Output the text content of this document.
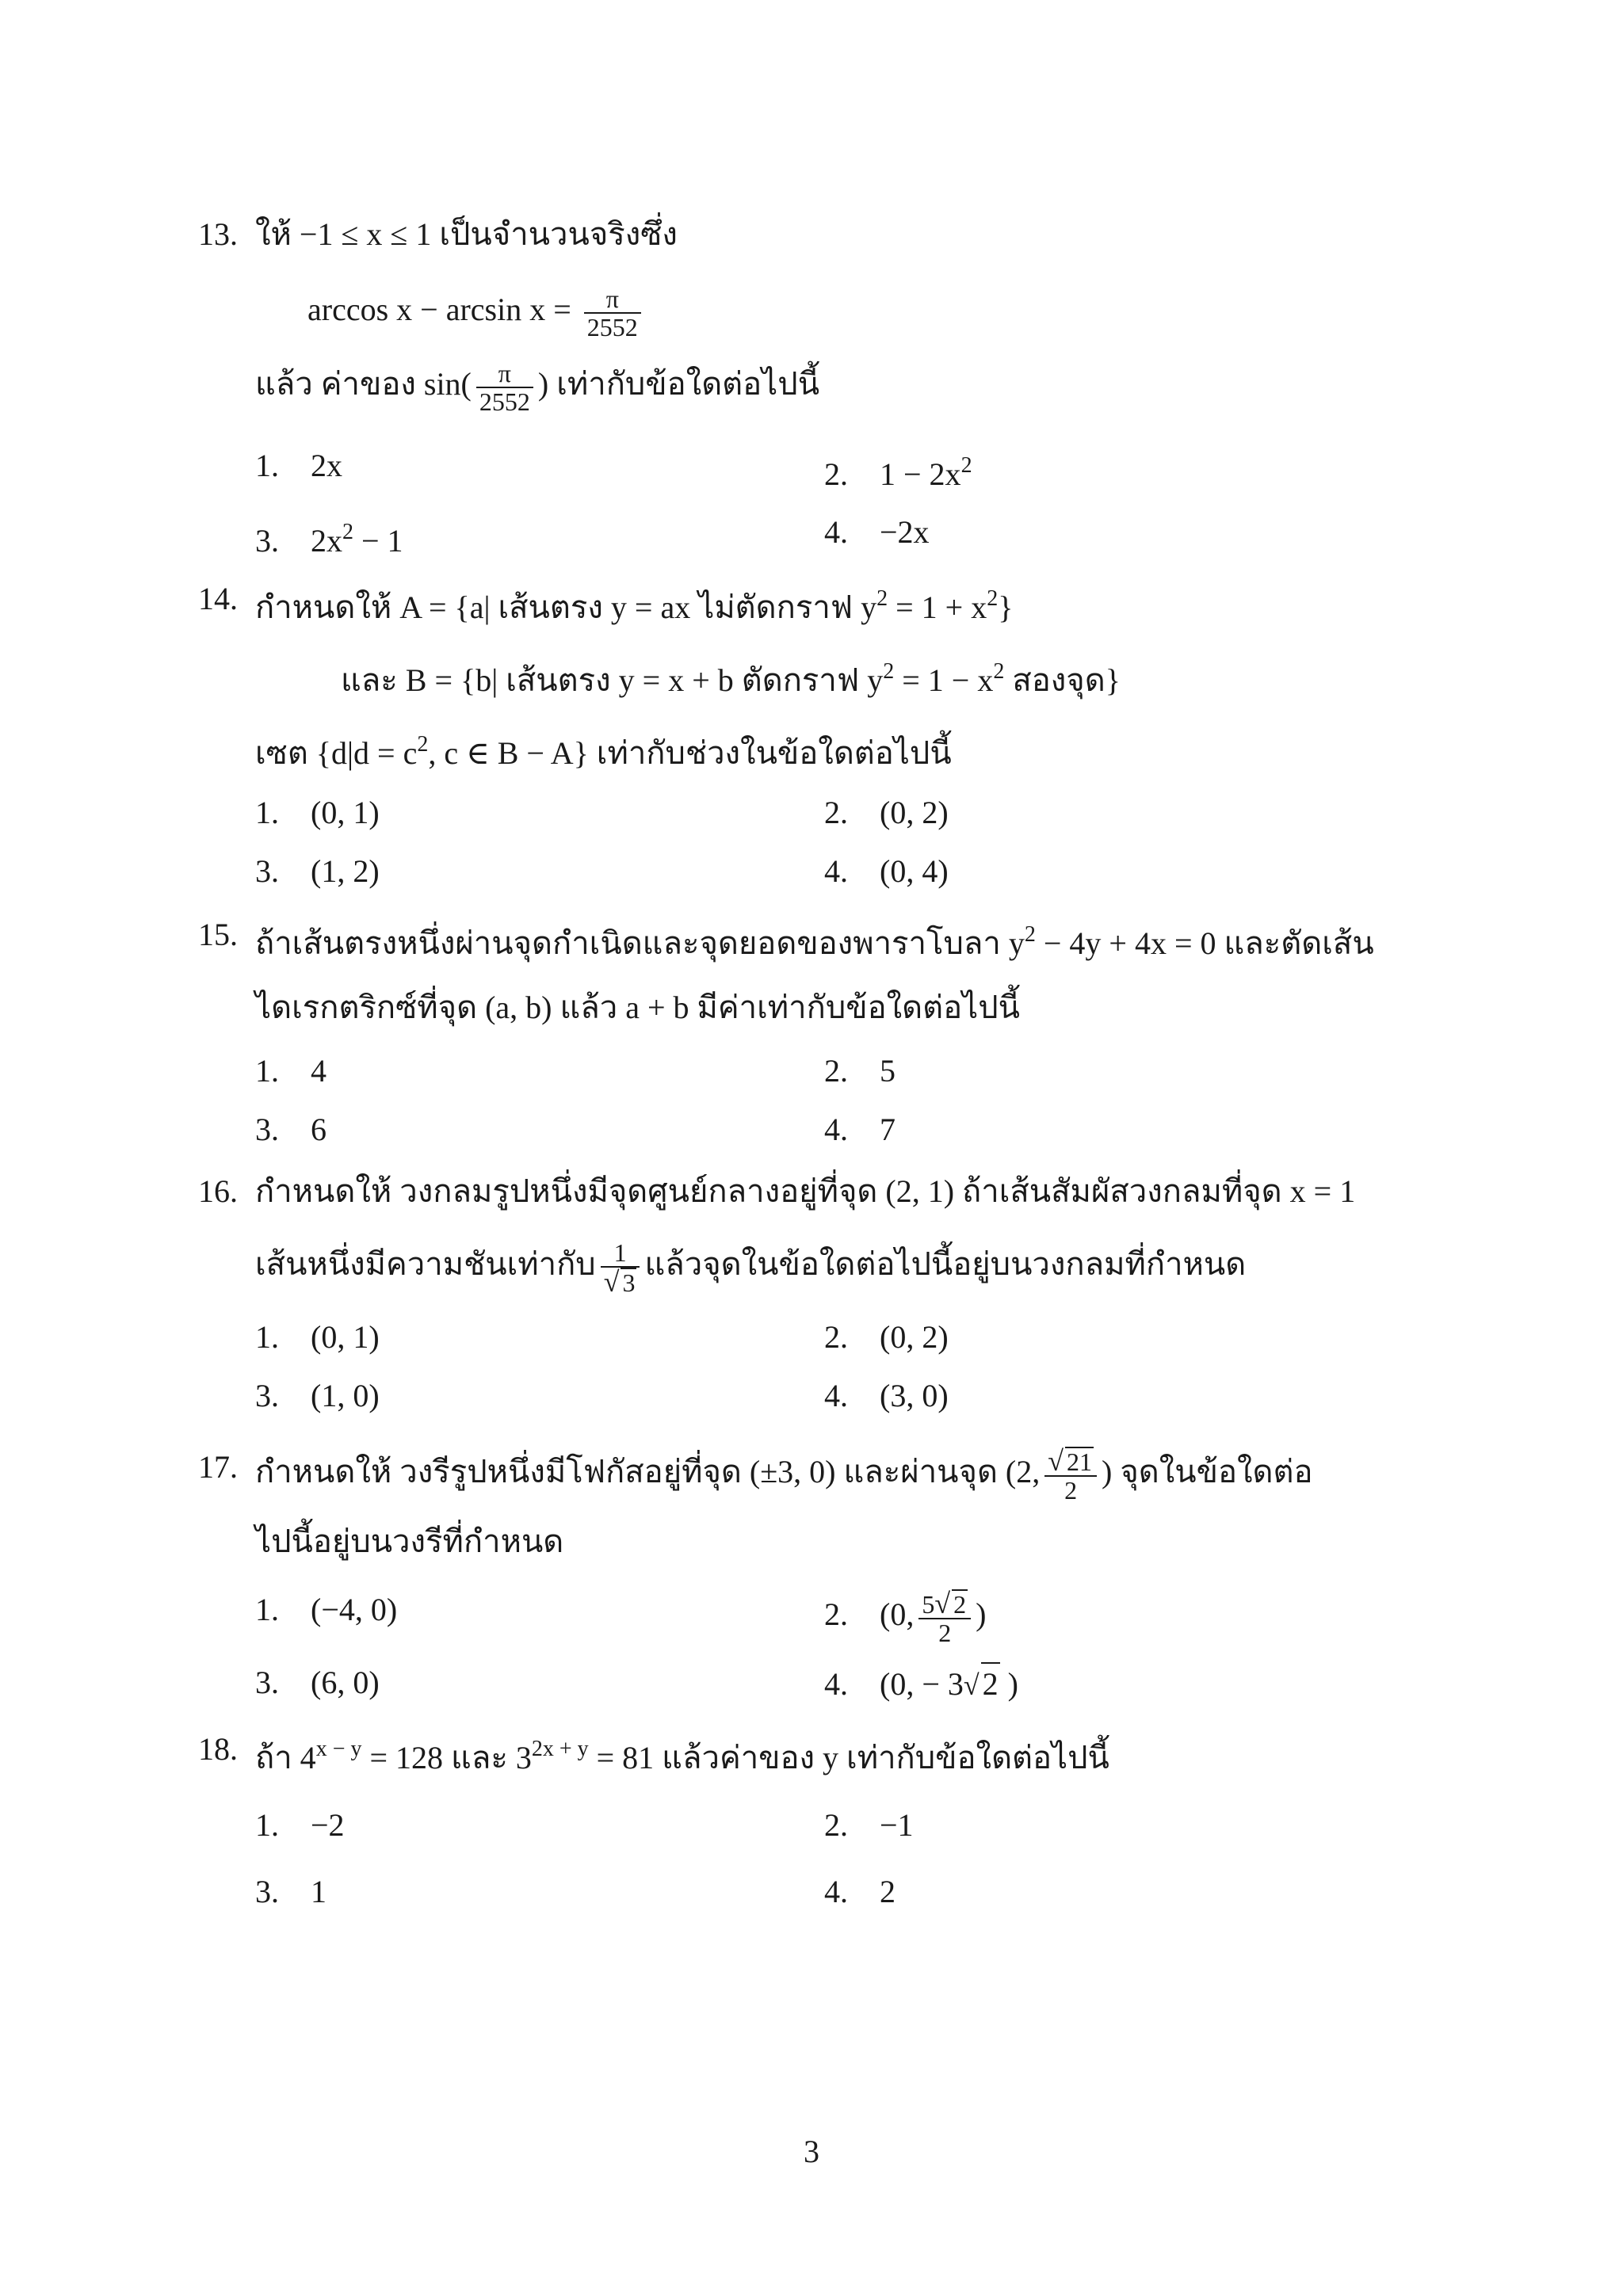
13. ให้ −1 ≤ x ≤ 1 เป็นจำนวนจริงซึ่ง
$\arccos x - \arcsin x = \frac{\pi}{2552}$
แล้ว ค่าของ $\sin( \frac{\pi}{2552}$ ) เท่ากับข้อใดต่อไปนี้
1. 2x	2. $1 - 2x^2$
3. $2x^2 - 1$	4. −2x
14. กำหนดให้ A = {a| เส้นตรง y = ax ไม่ตัดกราฟ $y^2 = 1 + x^2$}
และ B = {b| เส้นตรง y = x + b ตัดกราฟ $y^2 = 1 - x^2$ สองจุด}
เซต {$d|d = c^2$, c ∈ B − A} เท่ากับช่วงในข้อใดต่อไปนี้
1. (0, 1)	2. (0, 2)
3. (1, 2)	4. (0, 4)
15. ถ้าเส้นตรงหนึ่งผ่านจุดกำเนิดและจุดยอดของพาราโบลา $y^2 - 4y + 4x = 0$ และตัดเส้น
ไดเรกตริกซ์ที่จุด (a, b) แล้ว a + b มีค่าเท่ากับข้อใดต่อไปนี้
1. 4	2. 5
3. 6	4. 7
16. กำหนดให้ วงกลมรูปหนึ่งมีจุดศูนย์กลางอยู่ที่จุด (2, 1) ถ้าเส้นสัมผัสวงกลมที่จุด x = 1
เส้นหนึ่งมีความชันเท่ากับ $\frac{1}{√ 3}$ แล้วจุดในข้อใดต่อไปนี้อยู่บนวงกลมที่กำหนด
1. (0, 1)	2. (0, 2)
3. (1, 0)	4. (3, 0)
17. กำหนดให้ วงรีรูปหนึ่งมีโฟกัสอยู่ที่จุด (±3, 0) และผ่านจุด (2, $\frac{√ 21}{2}$ ) จุดในข้อใดต่อ
ไปนี้อยู่บนวงรีที่กำหนด
1. (−4, 0)	2. (0, $\frac{5√ 2}{2}$ )
3. (6, 0)	4. (0, − 3√ 2 )
18. ถ้า $4^{x - y} = 128$ และ $3^{2x + y} = 81$ แล้วค่าของ y เท่ากับข้อใดต่อไปนี้
1. −2	2. −1
3. 1	4. 2
3
